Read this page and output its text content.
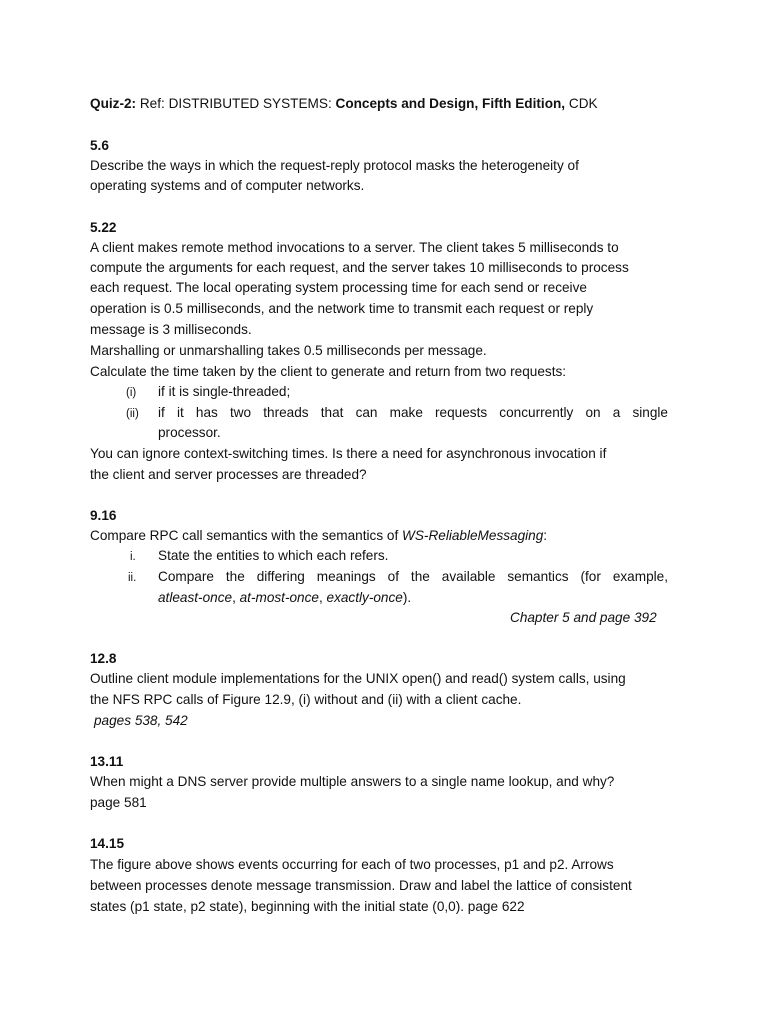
Quiz-2: Ref: DISTRIBUTED SYSTEMS: Concepts and Design, Fifth Edition, CDK
5.6
Describe the ways in which the request-reply protocol masks the heterogeneity of
operating systems and of computer networks.
5.22
A client makes remote method invocations to a server. The client takes 5 milliseconds to
compute the arguments for each request, and the server takes 10 milliseconds to process
each request. The local operating system processing time for each send or receive
operation is 0.5 milliseconds, and the network time to transmit each request or reply
message is 3 milliseconds.
Marshalling or unmarshalling takes 0.5 milliseconds per message.
Calculate the time taken by the client to generate and return from two requests:
(i) if it is single-threaded;
(ii) if it has two threads that can make requests concurrently on a single
processor.
You can ignore context-switching times. Is there a need for asynchronous invocation if
the client and server processes are threaded?
9.16
Compare RPC call semantics with the semantics of WS-ReliableMessaging:
i. State the entities to which each refers.
ii. Compare the differing meanings of the available semantics (for example,
atleast-once, at-most-once, exactly-once).
Chapter 5 and page 392
12.8
Outline client module implementations for the UNIX open() and read() system calls, using
the NFS RPC calls of Figure 12.9, (i) without and (ii) with a client cache.
pages 538, 542
13.11
When might a DNS server provide multiple answers to a single name lookup, and why?
page 581
14.15
The figure above shows events occurring for each of two processes, p1 and p2. Arrows
between processes denote message transmission. Draw and label the lattice of consistent
states (p1 state, p2 state), beginning with the initial state (0,0). page 622
